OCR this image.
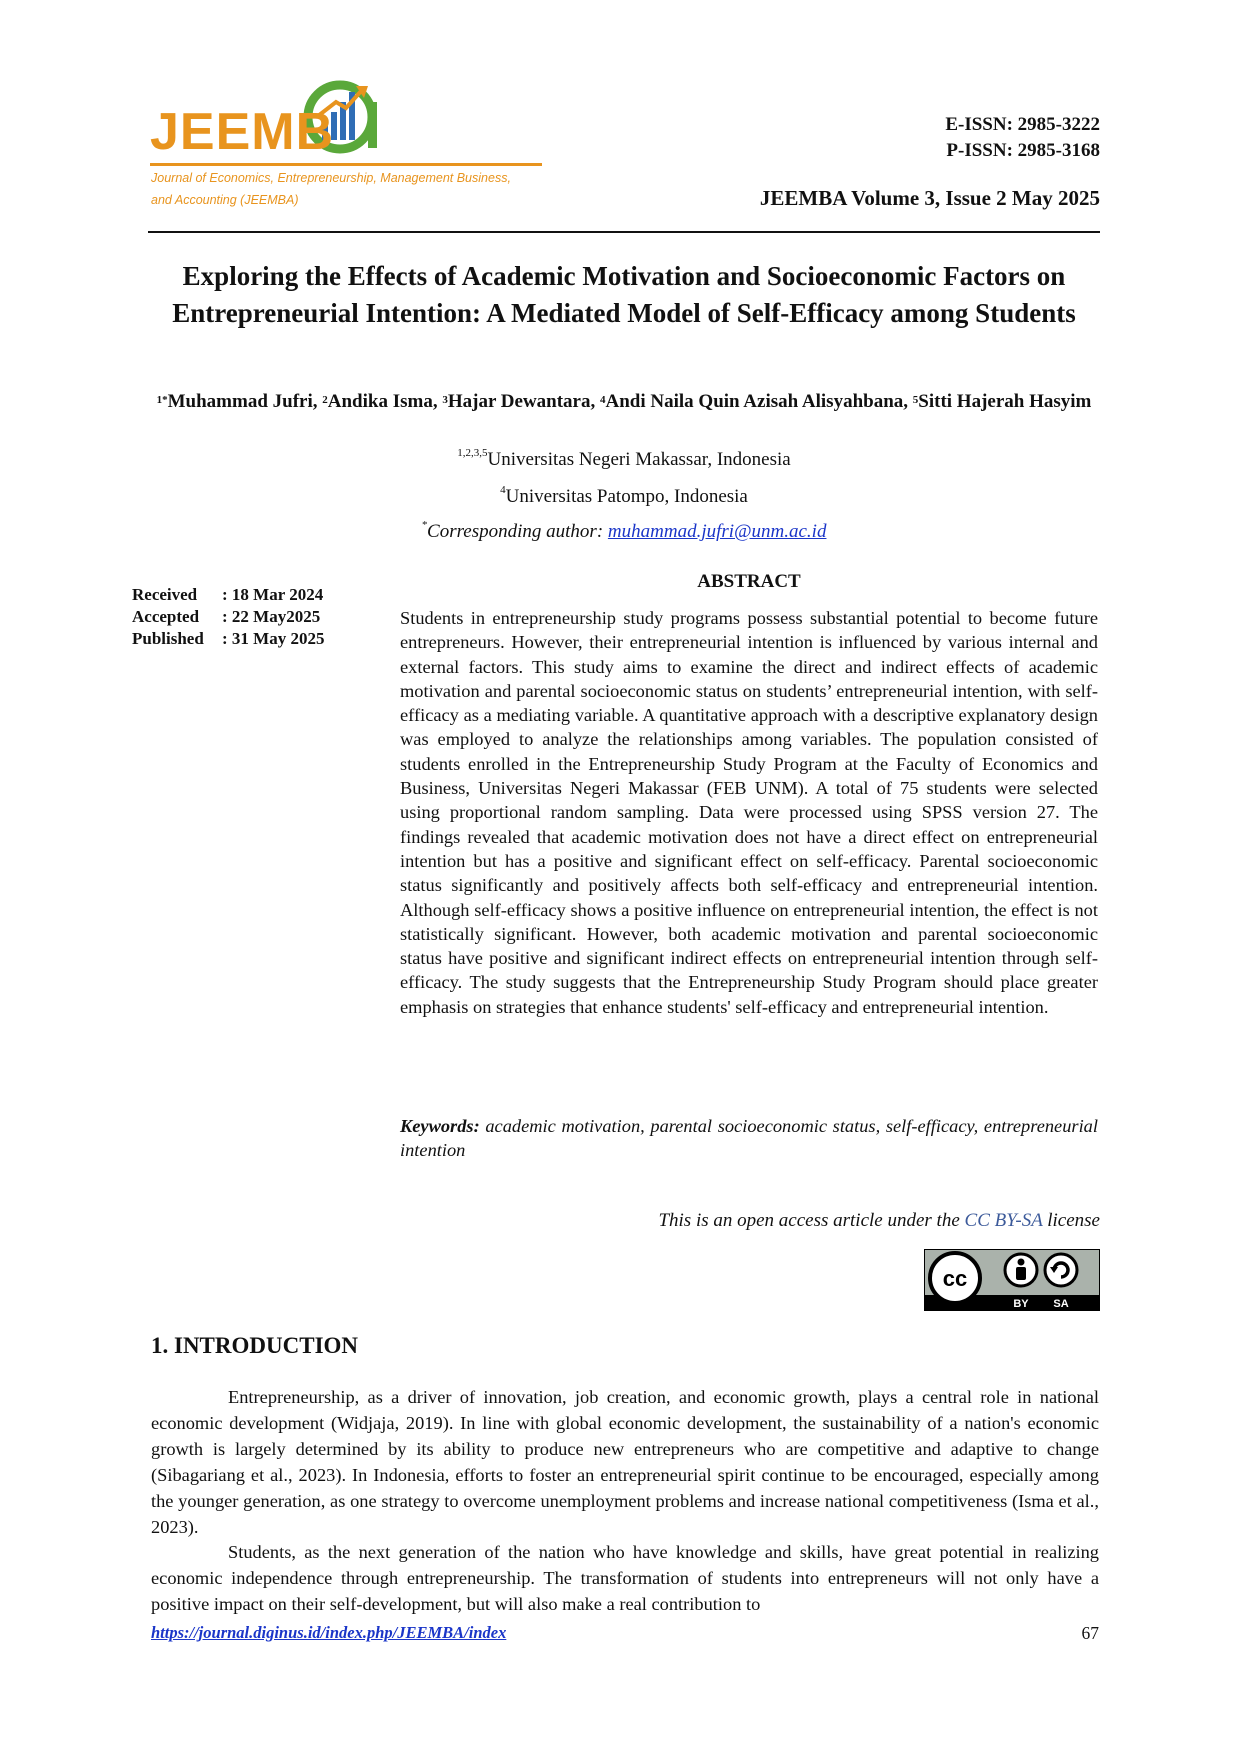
JEEMB
Journal of Economics, Entrepreneurship, Management Business,
and Accounting (JEEMBA)
E-ISSN: 2985-3222
P-ISSN: 2985-3168
JEEMBA Volume 3, Issue 2 May 2025
Exploring the Effects of Academic Motivation and Socioeconomic Factors on Entrepreneurial Intention: A Mediated Model of Self-Efficacy among Students
$^{1*}$Muhammad Jufri, $^2$Andika Isma, $^3$Hajar Dewantara, $^4$Andi Naila Quin Azisah Alisyahbana, $^5$Sitti Hajerah Hasyim
$^{1,2,3,5}$Universitas Negeri Makassar, Indonesia
$^4$Universitas Patompo, Indonesia
*Corresponding author: muhammad.jufri@unm.ac.id
Received	: 18 Mar 2024
Accepted	: 22 May2025
Published	: 31 May 2025
ABSTRACT
Students in entrepreneurship study programs possess substantial potential to become future entrepreneurs. However, their entrepreneurial intention is influenced by various internal and external factors. This study aims to examine the direct and indirect effects of academic motivation and parental socioeconomic status on students’ entrepreneurial intention, with self-efficacy as a mediating variable. A quantitative approach with a descriptive explanatory design was employed to analyze the relationships among variables. The population consisted of students enrolled in the Entrepreneurship Study Program at the Faculty of Economics and Business, Universitas Negeri Makassar (FEB UNM). A total of 75 students were selected using proportional random sampling. Data were processed using SPSS version 27. The findings revealed that academic motivation does not have a direct effect on entrepreneurial intention but has a positive and significant effect on self-efficacy. Parental socioeconomic status significantly and positively affects both self-efficacy and entrepreneurial intention. Although self-efficacy shows a positive influence on entrepreneurial intention, the effect is not statistically significant. However, both academic motivation and parental socioeconomic status have positive and significant indirect effects on entrepreneurial intention through self-efficacy. The study suggests that the Entrepreneurship Study Program should place greater emphasis on strategies that enhance students' self-efficacy and entrepreneurial intention.
Keywords: academic motivation, parental socioeconomic status, self-efficacy, entrepreneurial intention
This is an open access article under the CC BY-SA license
cc
BY SA
1. INTRODUCTION
Entrepreneurship, as a driver of innovation, job creation, and economic growth, plays a central role in national economic development (Widjaja, 2019). In line with global economic development, the sustainability of a nation's economic growth is largely determined by its ability to produce new entrepreneurs who are competitive and adaptive to change (Sibagariang et al., 2023). In Indonesia, efforts to foster an entrepreneurial spirit continue to be encouraged, especially among the younger generation, as one strategy to overcome unemployment problems and increase national competitiveness (Isma et al., 2023).
Students, as the next generation of the nation who have knowledge and skills, have great potential in realizing economic independence through entrepreneurship. The transformation of students into entrepreneurs will not only have a positive impact on their self-development, but will also make a real contribution to
https://journal.diginus.id/index.php/JEEMBA/index	67
